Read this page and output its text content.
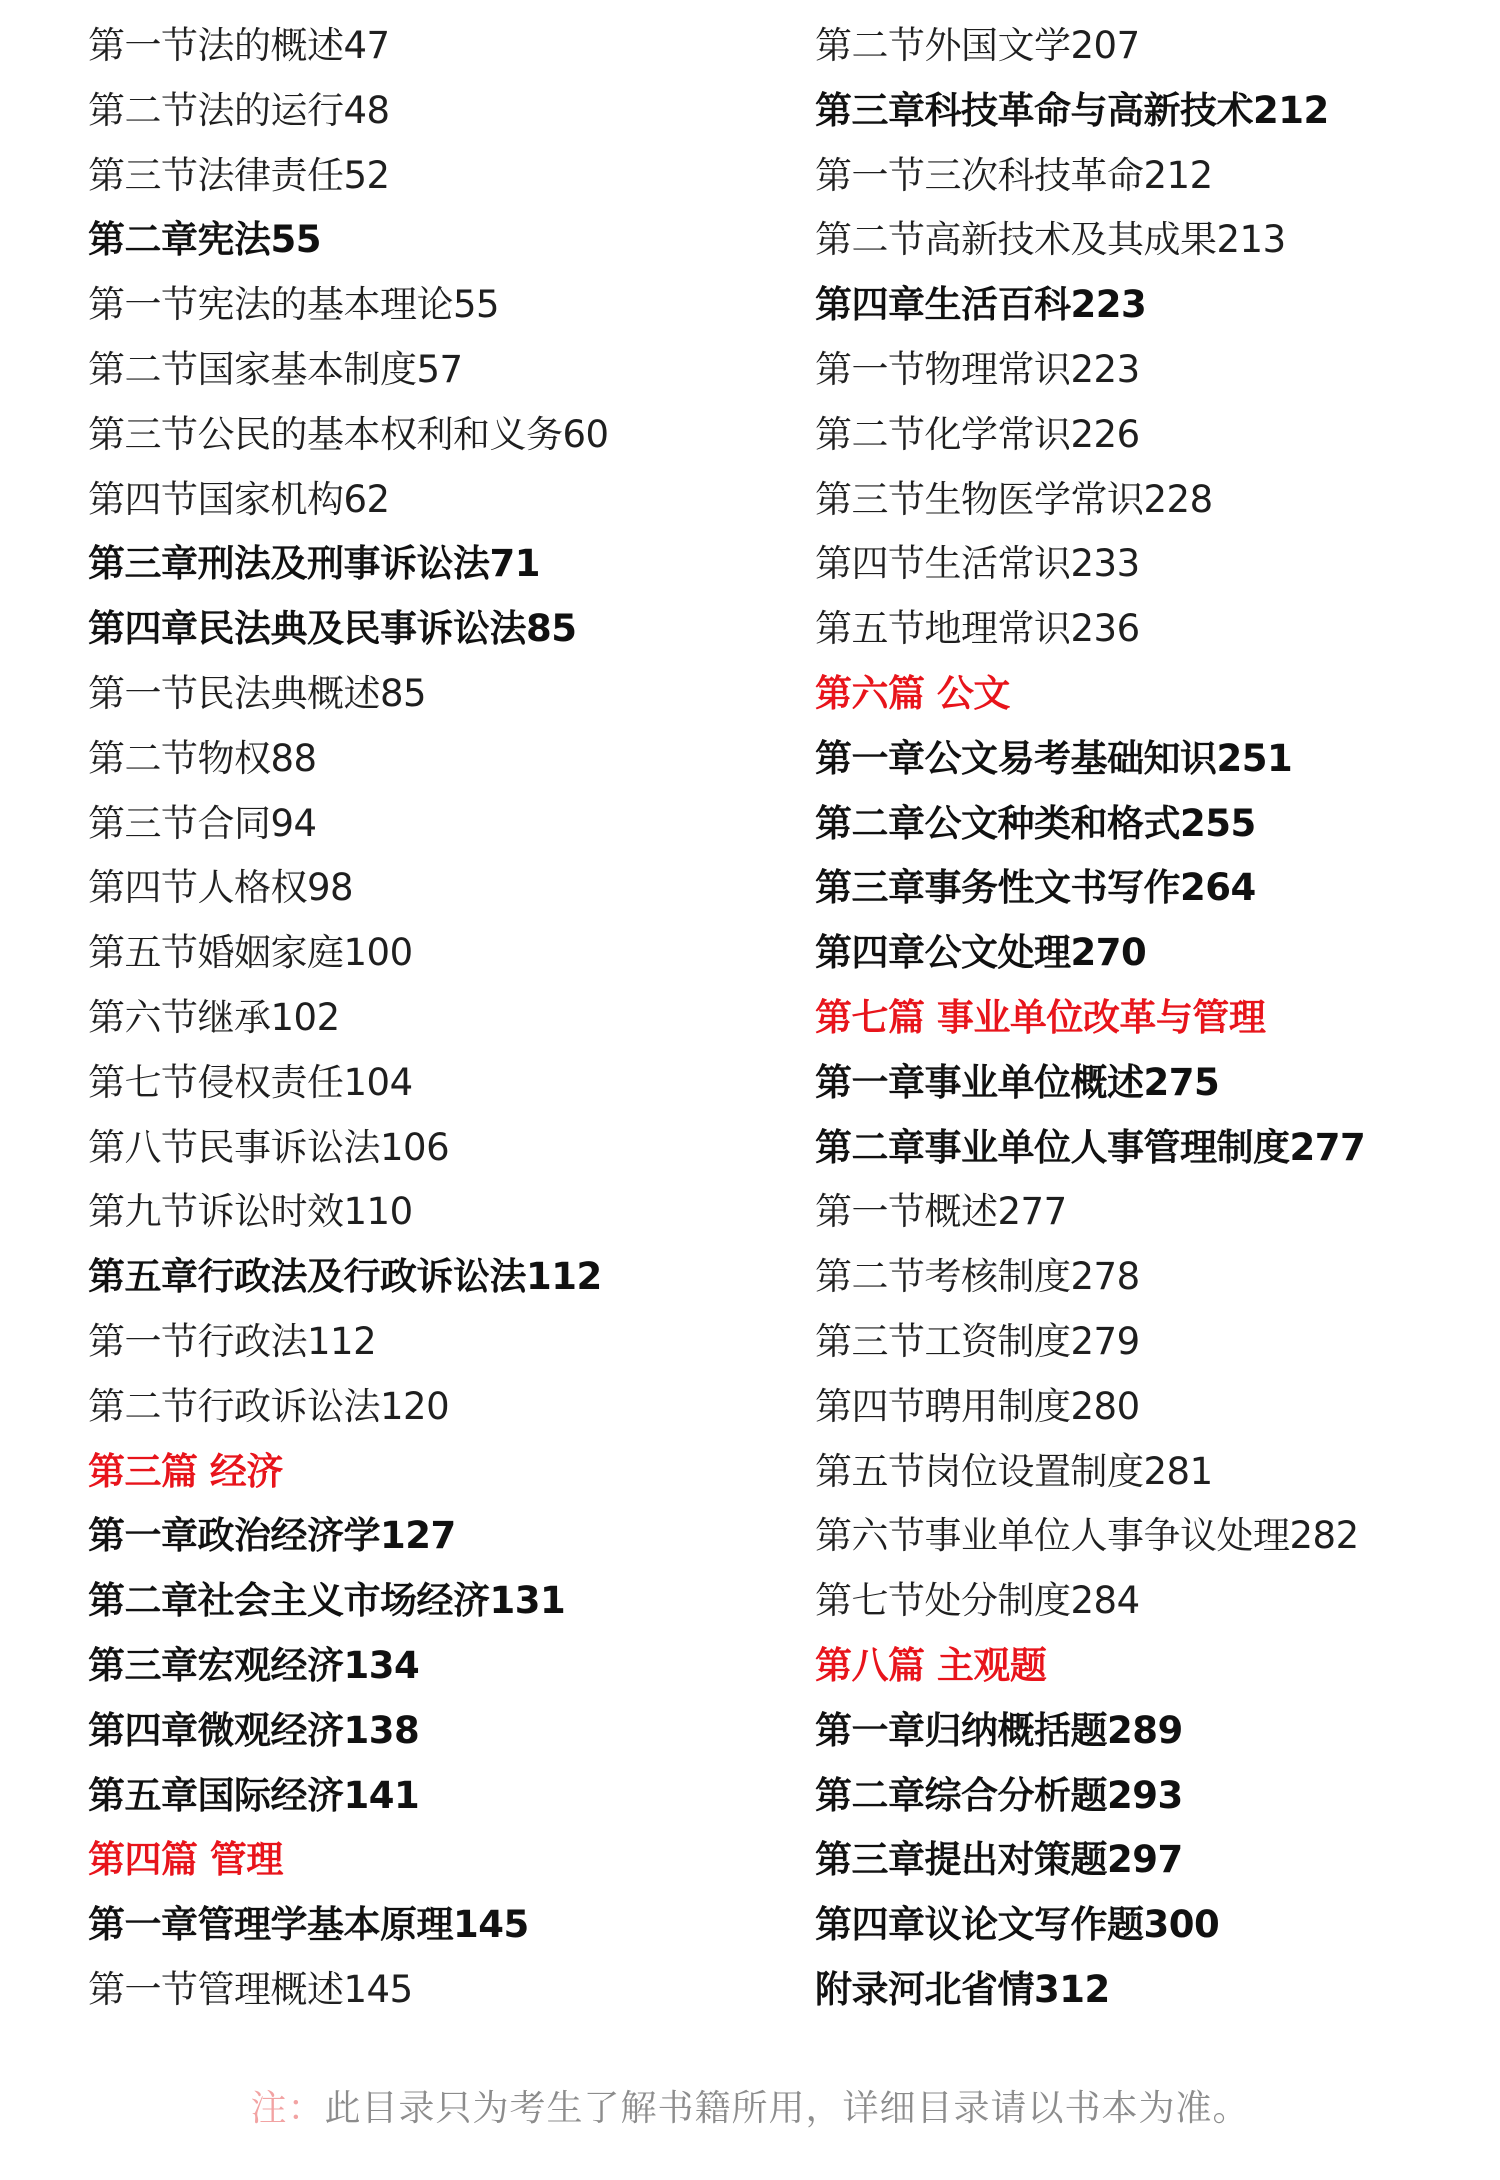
第一节法的概述47
第二节法的运行48
第三节法律责任52
第二章宪法55
第一节宪法的基本理论55
第二节国家基本制度57
第三节公民的基本权利和义务60
第四节国家机构62
第三章刑法及刑事诉讼法71
第四章民法典及民事诉讼法85
第一节民法典概述85
第二节物权88
第三节合同94
第四节人格权98
第五节婚姻家庭100
第六节继承102
第七节侵权责任104
第八节民事诉讼法106
第九节诉讼时效110
第五章行政法及行政诉讼法112
第一节行政法112
第二节行政诉讼法120
第三篇 经济
第一章政治经济学127
第二章社会主义市场经济131
第三章宏观经济134
第四章微观经济138
第五章国际经济141
第四篇 管理
第一章管理学基本原理145
第一节管理概述145
第二节外国文学207
第三章科技革命与高新技术212
第一节三次科技革命212
第二节高新技术及其成果213
第四章生活百科223
第一节物理常识223
第二节化学常识226
第三节生物医学常识228
第四节生活常识233
第五节地理常识236
第六篇 公文
第一章公文易考基础知识251
第二章公文种类和格式255
第三章事务性文书写作264
第四章公文处理270
第七篇 事业单位改革与管理
第一章事业单位概述275
第二章事业单位人事管理制度277
第一节概述277
第二节考核制度278
第三节工资制度279
第四节聘用制度280
第五节岗位设置制度281
第六节事业单位人事争议处理282
第七节处分制度284
第八篇 主观题
第一章归纳概括题289
第二章综合分析题293
第三章提出对策题297
第四章议论文写作题300
附录河北省情312
注：此目录只为考生了解书籍所用，详细目录请以书本为准。
